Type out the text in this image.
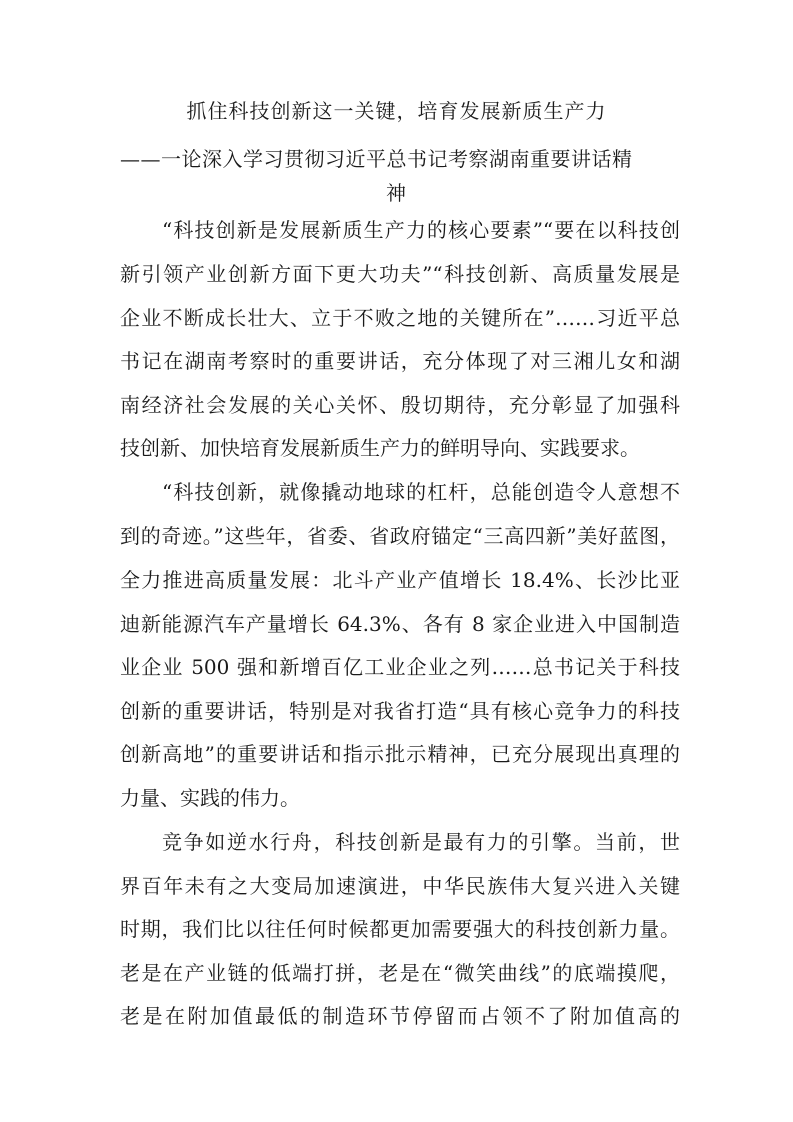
抓住科技创新这一关键，培育发展新质生产力
——一论深入学习贯彻习近平总书记考察湖南重要讲话精
神
“科技创新是发展新质生产力的核心要素”“要在以科技创
新引领产业创新方面下更大功夫”“科技创新、高质量发展是
企业不断成长壮大、立于不败之地的关键所在”……习近平总
书记在湖南考察时的重要讲话，充分体现了对三湘儿女和湖
南经济社会发展的关心关怀、殷切期待，充分彰显了加强科
技创新、加快培育发展新质生产力的鲜明导向、实践要求。
“科技创新，就像撬动地球的杠杆，总能创造令人意想不
到的奇迹。”这些年，省委、省政府锚定“三高四新”美好蓝图，
全力推进高质量发展：北斗产业产值增长 18.4%、长沙比亚
迪新能源汽车产量增长 64.3%、各有 8 家企业进入中国制造
业企业 500 强和新增百亿工业企业之列……总书记关于科技
创新的重要讲话，特别是对我省打造“具有核心竞争力的科技
创新高地”的重要讲话和指示批示精神，已充分展现出真理的
力量、实践的伟力。
竞争如逆水行舟，科技创新是最有力的引擎。当前，世
界百年未有之大变局加速演进，中华民族伟大复兴进入关键
时期，我们比以往任何时候都更加需要强大的科技创新力量。
老是在产业链的低端打拼，老是在“微笑曲线”的底端摸爬，
老是在附加值最低的制造环节停留而占领不了附加值高的
